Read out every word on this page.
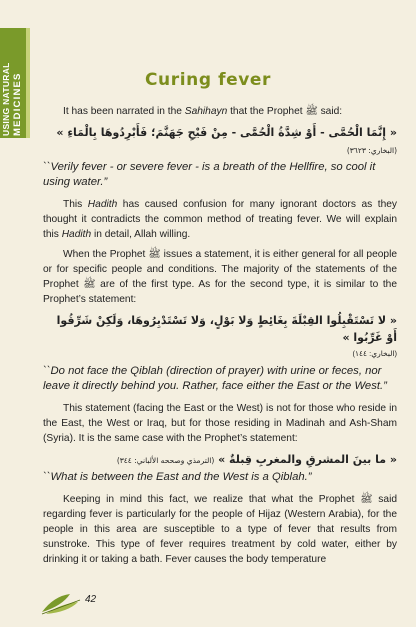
USING NATURAL MEDICINES	Curing fever

It has been narrated in the Sahihayn that the Prophet ﷺ said:

« إِنَّمَا الْحُمَّى - أَوْ شِدَّةُ الْحُمَّى - مِنْ فَيْحِ جَهَنَّمَ؛ فَأَبْرِدُوهَا بِالْمَاءِ » (البخاري: ٣٦٢٣)

``Verily fever - or severe fever - is a breath of the Hellfire, so cool it using water.”

This Hadith has caused confusion for many ignorant doctors as they thought it contradicts the common method of treating fever. We will explain this Hadith in detail, Allah willing.

When the Prophet ﷺ issues a statement, it is either general for all people or for specific people and conditions. The majority of the statements of the Prophet ﷺ are of the first type. As for the second type, it is similar to the Prophet’s statement:

« لا تَسْتَقْبِلُوا القِبْلَةَ بِغَائِطٍ وَلا بَوْلٍ، وَلا تَسْتَدْبِرُوهَا، وَلَكِنْ شَرِّقُوا أَوْ غَرِّبُوا »
(البخاري: ١٤٤)

``Do not face the Qiblah (direction of prayer) with urine or feces, nor leave it directly behind you. Rather, face either the East or the West.”

This statement (facing the East or the West) is not for those who reside in the East, the West or Iraq, but for those residing in Madinah and Ash-Sham (Syria). It is the same case with the Prophet’s statement:

« ما بينَ المشرقِ والمغربِ قِبلةٌ » (الترمذي وصححه الألباني: ٣٤٤)

``What is between the East and the West is a Qiblah.”

Keeping in mind this fact, we realize that what the Prophet ﷺ said regarding fever is particularly for the people of Hijaz (Western Arabia), for the people in this area are susceptible to a type of fever that results from sunstroke. This type of fever requires treatment by cold water, either by drinking it or taking a bath. Fever causes the body temperature

42
